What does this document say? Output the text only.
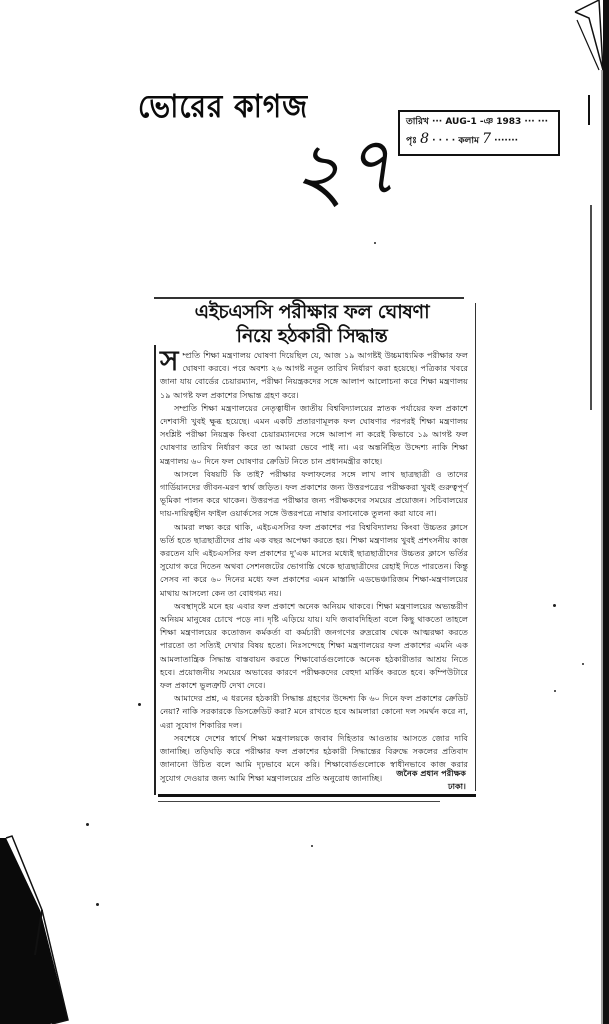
ভোরের কাগজ	তারিখ ··· AUG-1 -ঞ 1983 ··· ···
পৃঃ 8 · · · · কলাম 7 ·······
২৭
এইচএসসি পরীক্ষার ফল ঘোষণা
নিয়ে হঠকারী সিদ্ধান্ত

সম্প্রতি শিক্ষা মন্ত্রণালয় ঘোষণা দিয়েছিল যে, আজ ১৯ আগষ্টই উচ্চমাধ্যমিক পরীক্ষার ফল ঘোষণা করবে। পরে অবশ্য ২৬ আগষ্ট নতুন তারিখ নির্ধারণ করা হয়েছে। পত্রিকার খবরে জানা যায় বোর্ডের চেয়ারম্যান, পরীক্ষা নিয়ন্ত্রকদের সঙ্গে আলাপ আলোচনা করে শিক্ষা মন্ত্রণালয় ১৯ আগষ্ট ফল প্রকাশের সিদ্ধান্ত গ্রহণ করে।

সম্প্রতি শিক্ষা মন্ত্রণালয়ের নেতৃত্বাধীন জাতীয় বিশ্ববিদ্যালয়ের স্নাতক পর্যায়ের ফল প্রকাশে দেশবাসী খুবই ক্ষুব্ধ হয়েছে। এমন একটি প্রতারণামূলক ফল ঘোষণার পরপরই শিক্ষা মন্ত্রণালয় সংশ্লিষ্ট পরীক্ষা নিয়ন্ত্রক কিংবা চেয়ারম্যানদের সঙ্গে আলাপ না করেই কিভাবে ১৯ আগষ্ট ফল ঘোষণার তারিখ নির্ধারণ করে তা আমরা ভেবে পাই না। এর অন্তর্নিহিত উদ্দেশ্য নাকি শিক্ষা মন্ত্রণালয় ৬০ দিনে ফল ঘোষণার ক্রেডিট নিতে চান প্রধানমন্ত্রীর কাছে।

আসলে বিষয়টি কি তাই? পরীক্ষার ফলাফলের সঙ্গে লাখ লাখ ছাত্রছাত্রী ও তাদের গার্ডিয়ানদের জীবন-মরণ স্বার্থ জড়িত। ফল প্রকাশের জন্য উত্তরপত্রের পরীক্ষকরা খুবই গুরুত্বপূর্ণ ভূমিকা পালন করে থাকেন। উত্তরপত্র পরীক্ষার জন্য পরীক্ষকদের সময়ের প্রয়োজন। সচিবালয়ের দায়-দায়িত্বহীন ফাইল ওয়ার্কসের সঙ্গে উত্তরপত্রে নাম্বার বসানোকে তুলনা করা যাবে না।

আমরা লক্ষ্য করে থাকি, এইচএসসির ফল প্রকাশের পর বিশ্ববিদ্যালয় কিংবা উচ্চতর ক্লাসে ভর্তি হতে ছাত্রছাত্রীদের প্রায় এক বছর অপেক্ষা করতে হয়। শিক্ষা মন্ত্রণালয় খুবই প্রশংসনীয় কাজ করতেন যদি এইচএসসির ফল প্রকাশের দু'এক মাসের মধ্যেই ছাত্রছাত্রীদের উচ্চতর ক্লাসে ভর্তির সুযোগ করে দিতেন অথবা সেশনজটের ভোগান্তি থেকে ছাত্রছাত্রীদের রেহাই দিতে পারতেন। কিন্তু সেসব না করে ৬০ দিনের মধ্যে ফল প্রকাশের এমন মাস্তানি এডভেঞ্চারিজম শিক্ষা-মন্ত্রণালয়ের মাথায় আসলো কেন তা বোধগম্য নয়।

অবস্থাদৃষ্টে মনে হয় এবার ফল প্রকাশে অনেক অনিয়ম থাকবে। শিক্ষা মন্ত্রণালয়ের অভ্যন্তরীণ অনিয়ম মানুষের চোখে পড়ে না। দৃষ্টি এড়িয়ে যায়। যদি জবাবদিহিতা বলে কিছু থাকতো তাহলে শিক্ষা মন্ত্রণালয়ের কতোজন কর্মকর্তা বা কর্মচারী জনগণের রুদ্ররোষ থেকে আত্মরক্ষা করতে পারতো তা সত্যিই দেখার বিষয় হতো। নিঃসন্দেহে শিক্ষা মন্ত্রণালয়ের ফল প্রকাশের এমনি এক আমলাতান্ত্রিক সিদ্ধান্ত বাস্তবায়ন করতে শিক্ষাবোর্ডগুলোকে অনেক হঠকারীতার আশ্রয় নিতে হবে। প্রয়োজনীয় সময়ের অভাবের কারণে পরীক্ষকদের বেহুদা মার্কিং করতে হবে। কম্পিউটারে ফল প্রকাশে ভুলত্রুটি দেখা দেবে।

আমাদের প্রশ্ন, এ ধরনের হঠকারী সিদ্ধান্ত গ্রহণের উদ্দেশ্য কি ৬০ দিনে ফল প্রকাশের ক্রেডিট নেয়া? নাকি সরকারকে ডিসক্রেডিট করা? মনে রাখতে হবে আমলারা কোনো দল সমর্থন করে না, এরা সুযোগ শিকারির দল।

সবশেষে দেশের স্বার্থে শিক্ষা মন্ত্রণালয়কে জবাব দিহিতার আওতায় আসতে জোর দাবি জানাচ্ছি। তড়িঘড়ি করে পরীক্ষার ফল প্রকাশের হঠকারী সিদ্ধান্তের বিরুদ্ধে সকলের প্রতিবাদ জানানো উচিত বলে আমি দৃঢ়ভাবে মনে করি। শিক্ষাবোর্ডগুলোকে স্বাধীনভাবে কাজ করার সুযোগ দেওয়ার জন্য আমি শিক্ষা মন্ত্রণালয়ের প্রতি অনুরোধ জানাচ্ছি।	জনৈক প্রধান পরীক্ষক
ঢাকা।
